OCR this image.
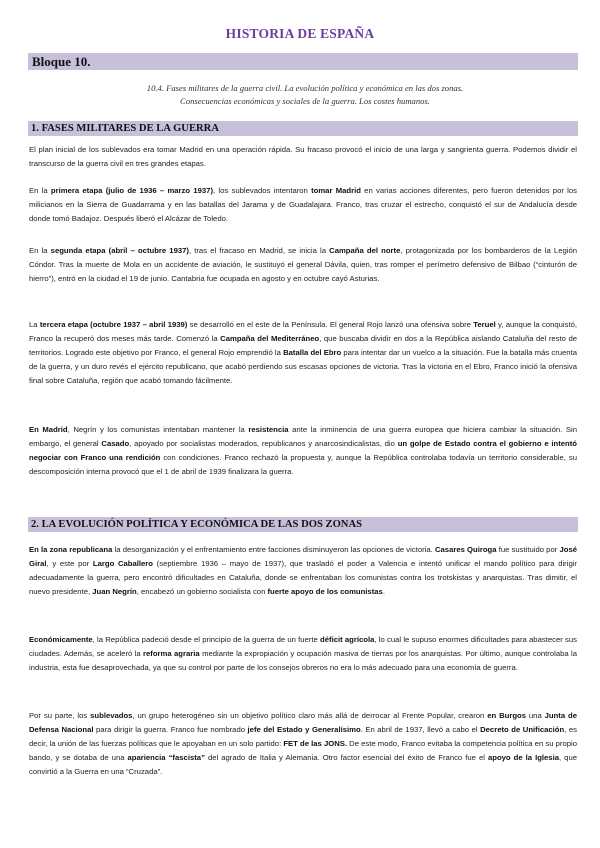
HISTORIA DE ESPAÑA
Bloque 10.
10.4. Fases militares de la guerra civil. La evolución política y económica en las dos zonas.
Consecuencias económicas y sociales de la guerra. Los costes humanos.
1. FASES MILITARES DE LA GUERRA
El plan inicial de los sublevados era tomar Madrid en una operación rápida. Su fracaso provocó el inicio de una larga y sangrienta guerra. Podemos dividir el transcurso de la guerra civil en tres grandes etapas.
En la primera etapa (julio de 1936 – marzo 1937), los sublevados intentaron tomar Madrid en varias acciones diferentes, pero fueron detenidos por los milicianos en la Sierra de Guadarrama y en las batallas del Jarama y de Guadalajara. Franco, tras cruzar el estrecho, conquistó el sur de Andalucía desde donde tomó Badajoz. Después liberó el Alcázar de Toledo.
En la segunda etapa (abril – octubre 1937), tras el fracaso en Madrid, se inicia la Campaña del norte, protagonizada por los bombarderos de la Legión Cóndor. Tras la muerte de Mola en un accidente de aviación, le sustituyó el general Dávila, quien, tras romper el perímetro defensivo de Bilbao (“cinturón de hierro”), entró en la ciudad el 19 de junio. Cantabria fue ocupada en agosto y en octubre cayó Asturias.
La tercera etapa (octubre 1937 – abril 1939) se desarrolló en el este de la Península. El general Rojo lanzó una ofensiva sobre Teruel y, aunque la conquistó, Franco la recuperó dos meses más tarde. Comenzó la Campaña del Mediterráneo, que buscaba dividir en dos a la República aislando Cataluña del resto de territorios. Logrado este objetivo por Franco, el general Rojo emprendió la Batalla del Ebro para intentar dar un vuelco a la situación. Fue la batalla más cruenta de la guerra, y un duro revés el ejército republicano, que acabó perdiendo sus escasas opciones de victoria. Tras la victoria en el Ebro, Franco inició la ofensiva final sobre Cataluña, región que acabó tomando fácilmente.
En Madrid, Negrín y los comunistas intentaban mantener la resistencia ante la inminencia de una guerra europea que hiciera cambiar la situación. Sin embargo, el general Casado, apoyado por socialistas moderados, republicanos y anarcosindicalistas, dio un golpe de Estado contra el gobierno e intentó negociar con Franco una rendición con condiciones. Franco rechazó la propuesta y, aunque la República controlaba todavía un territorio considerable, su descomposición interna provocó que el 1 de abril de 1939 finalizara la guerra.
2. LA EVOLUCIÓN POLÍTICA Y ECONÓMICA DE LAS DOS ZONAS
En la zona republicana la desorganización y el enfrentamiento entre facciones disminuyeron las opciones de victoria. Casares Quiroga fue sustituido por José Giral, y este por Largo Caballero (septiembre 1936 – mayo de 1937), que trasladó el poder a Valencia e intentó unificar el mando político para dirigir adecuadamente la guerra, pero encontró dificultades en Cataluña, donde se enfrentaban los comunistas contra los trotskistas y anarquistas. Tras dimitir, el nuevo presidente, Juan Negrín, encabezó un gobierno socialista con fuerte apoyo de los comunistas.
Económicamente, la República padeció desde el principio de la guerra de un fuerte déficit agrícola, lo cual le supuso enormes dificultades para abastecer sus ciudades. Además, se aceleró la reforma agraria mediante la expropiación y ocupación masiva de tierras por los anarquistas. Por último, aunque controlaba la industria, esta fue desaprovechada, ya que su control por parte de los consejos obreros no era lo más adecuado para una economía de guerra.
Por su parte, los sublevados, un grupo heterogéneo sin un objetivo político claro más allá de derrocar al Frente Popular, crearon en Burgos una Junta de Defensa Nacional para dirigir la guerra. Franco fue nombrado jefe del Estado y Generalísimo. En abril de 1937, llevó a cabo el Decreto de Unificación, es decir, la unión de las fuerzas políticas que le apoyaban en un solo partido: FET de las JONS. De este modo, Franco evitaba la competencia política en su propio bando, y se dotaba de una apariencia “fascista” del agrado de Italia y Alemania. Otro factor esencial del éxito de Franco fue el apoyo de la Iglesia, que convirtió a la Guerra en una “Cruzada”.
